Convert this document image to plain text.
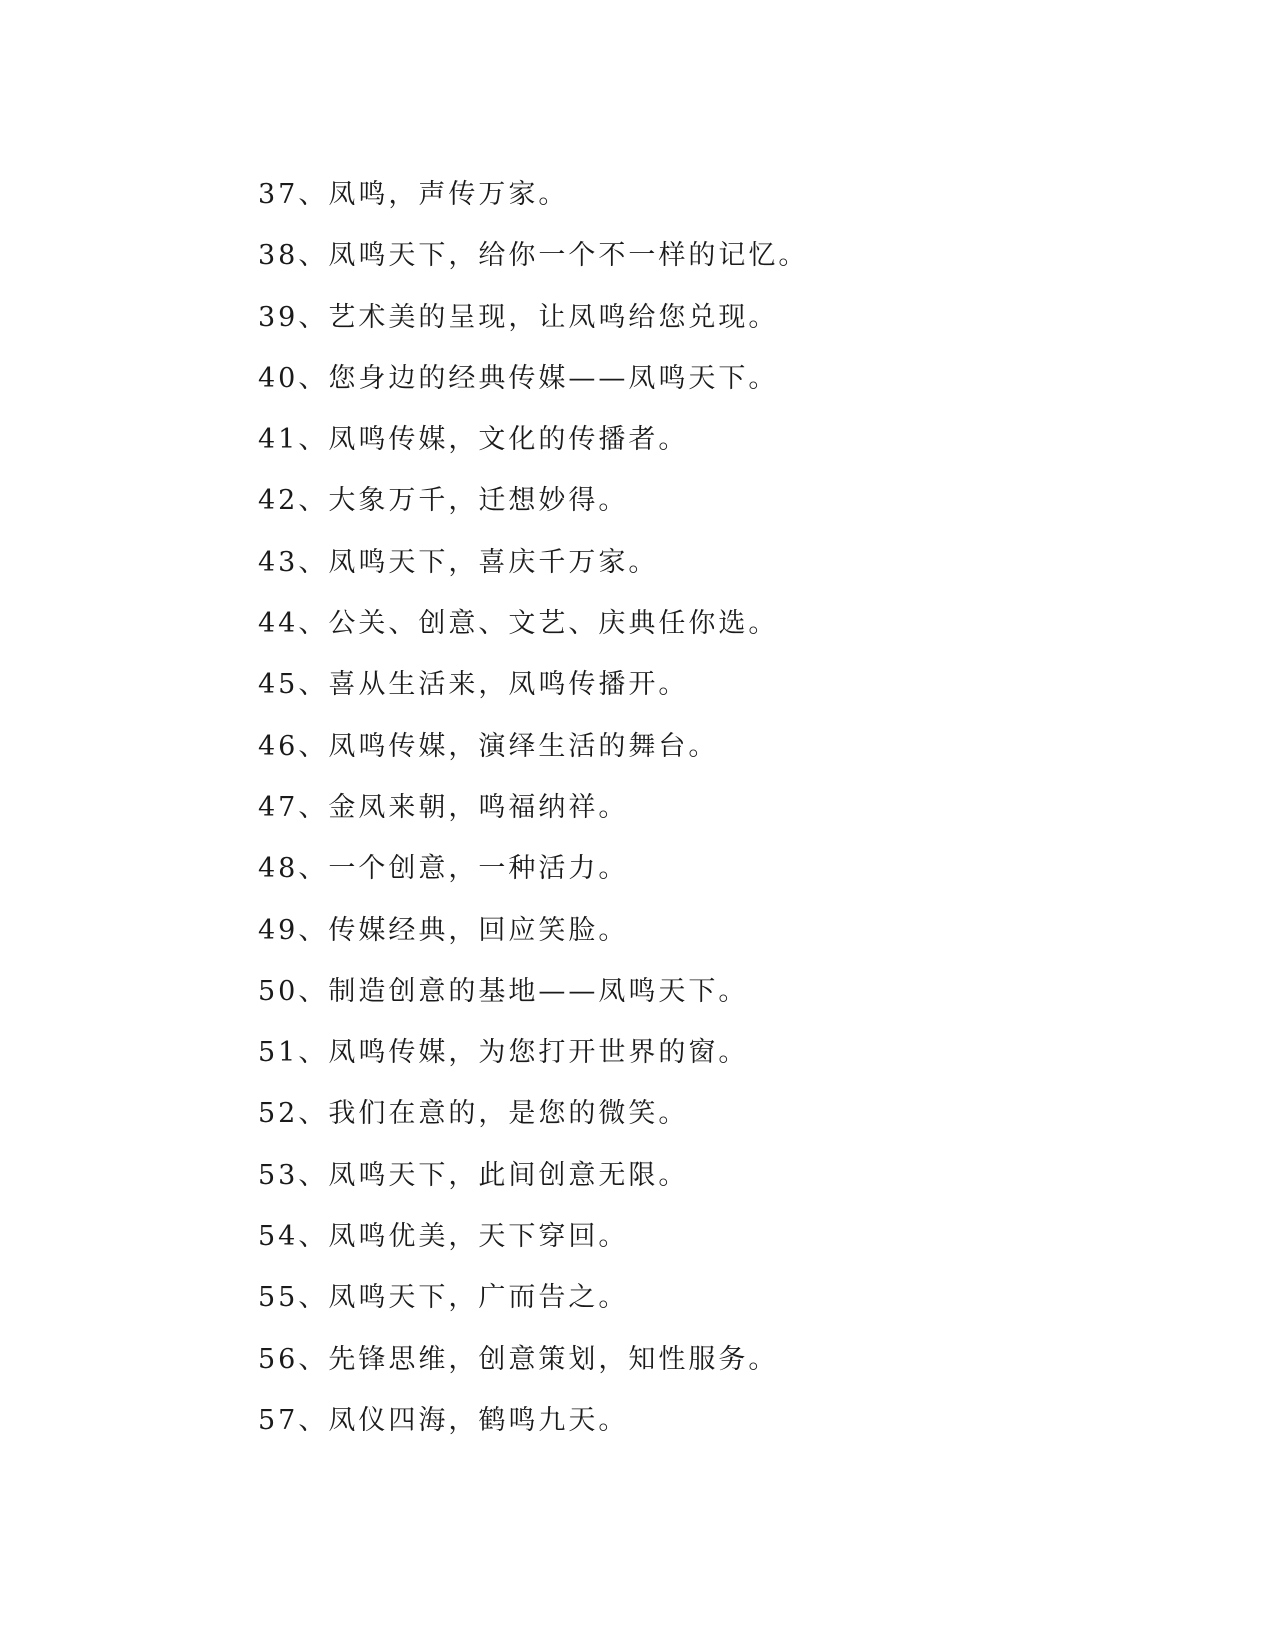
37、凤鸣，声传万家。
38、凤鸣天下，给你一个不一样的记忆。
39、艺术美的呈现，让凤鸣给您兑现。
40、您身边的经典传媒——凤鸣天下。
41、凤鸣传媒，文化的传播者。
42、大象万千，迁想妙得。
43、凤鸣天下，喜庆千万家。
44、公关、创意、文艺、庆典任你选。
45、喜从生活来，凤鸣传播开。
46、凤鸣传媒，演绎生活的舞台。
47、金凤来朝，鸣福纳祥。
48、一个创意，一种活力。
49、传媒经典，回应笑脸。
50、制造创意的基地——凤鸣天下。
51、凤鸣传媒，为您打开世界的窗。
52、我们在意的，是您的微笑。
53、凤鸣天下，此间创意无限。
54、凤鸣优美，天下穿回。
55、凤鸣天下，广而告之。
56、先锋思维，创意策划，知性服务。
57、凤仪四海，鹤鸣九天。
